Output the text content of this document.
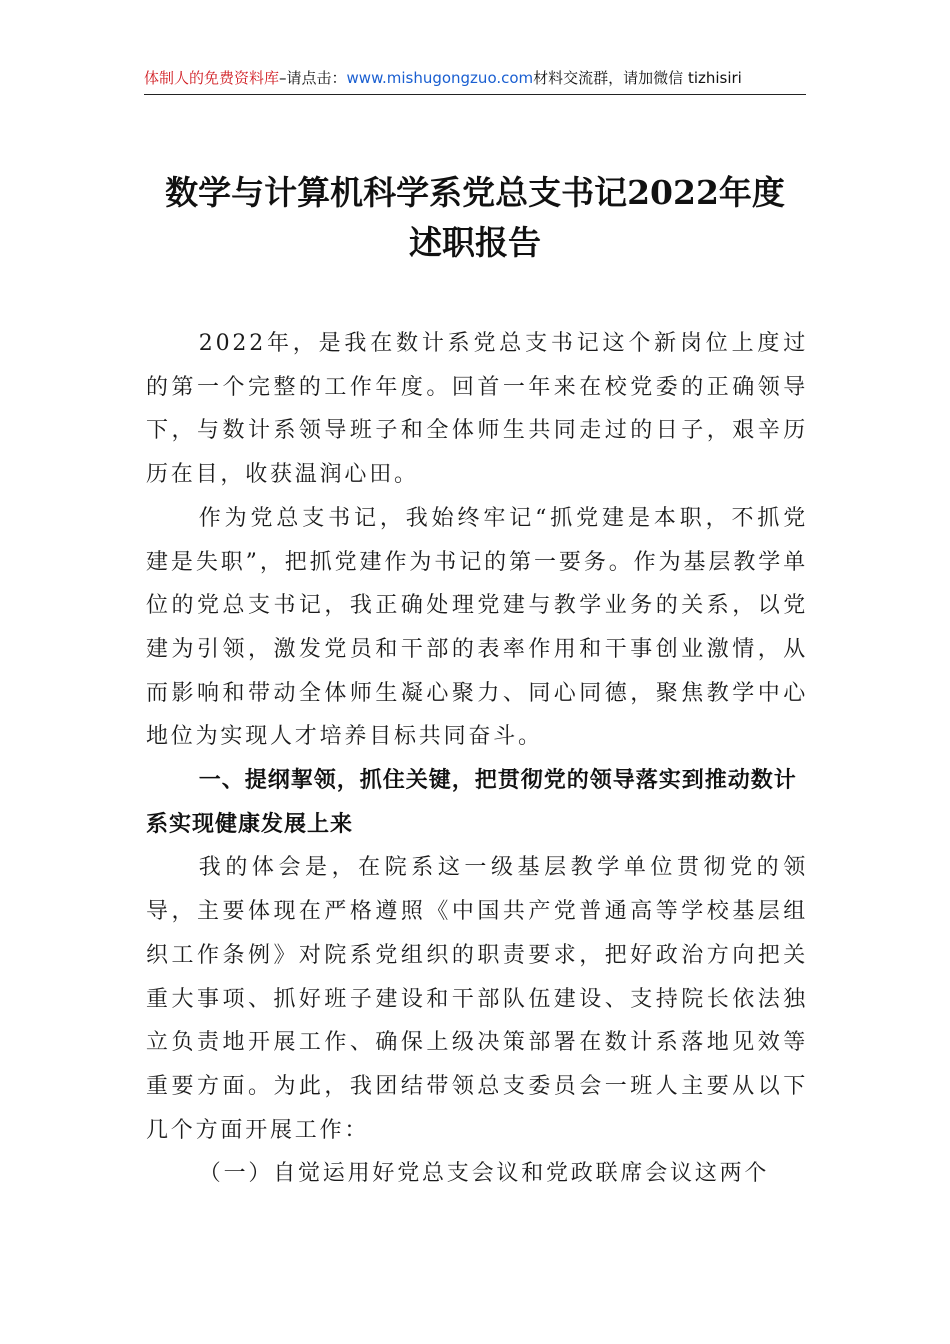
体制人的免费资料库–请点击：www.mishugongzuo.com材料交流群，请加微信 tizhisiri
数学与计算机科学系党总支书记2022年度
述职报告

2022年，是我在数计系党总支书记这个新岗位上度过的第一个完整的工作年度。回首一年来在校党委的正确领导下，与数计系领导班子和全体师生共同走过的日子，艰辛历历在目，收获温润心田。

作为党总支书记，我始终牢记“抓党建是本职，不抓党建是失职”，把抓党建作为书记的第一要务。作为基层教学单位的党总支书记，我正确处理党建与教学业务的关系，以党建为引领，激发党员和干部的表率作用和干事创业激情，从而影响和带动全体师生凝心聚力、同心同德，聚焦教学中心地位为实现人才培养目标共同奋斗。

一、提纲挈领，抓住关键，把贯彻党的领导落实到推动数计系实现健康发展上来

我的体会是，在院系这一级基层教学单位贯彻党的领导，主要体现在严格遵照《中国共产党普通高等学校基层组织工作条例》对院系党组织的职责要求，把好政治方向把关重大事项、抓好班子建设和干部队伍建设、支持院长依法独立负责地开展工作、确保上级决策部署在数计系落地见效等重要方面。为此，我团结带领总支委员会一班人主要从以下几个方面开展工作：

（一）自觉运用好党总支会议和党政联席会议这两个
